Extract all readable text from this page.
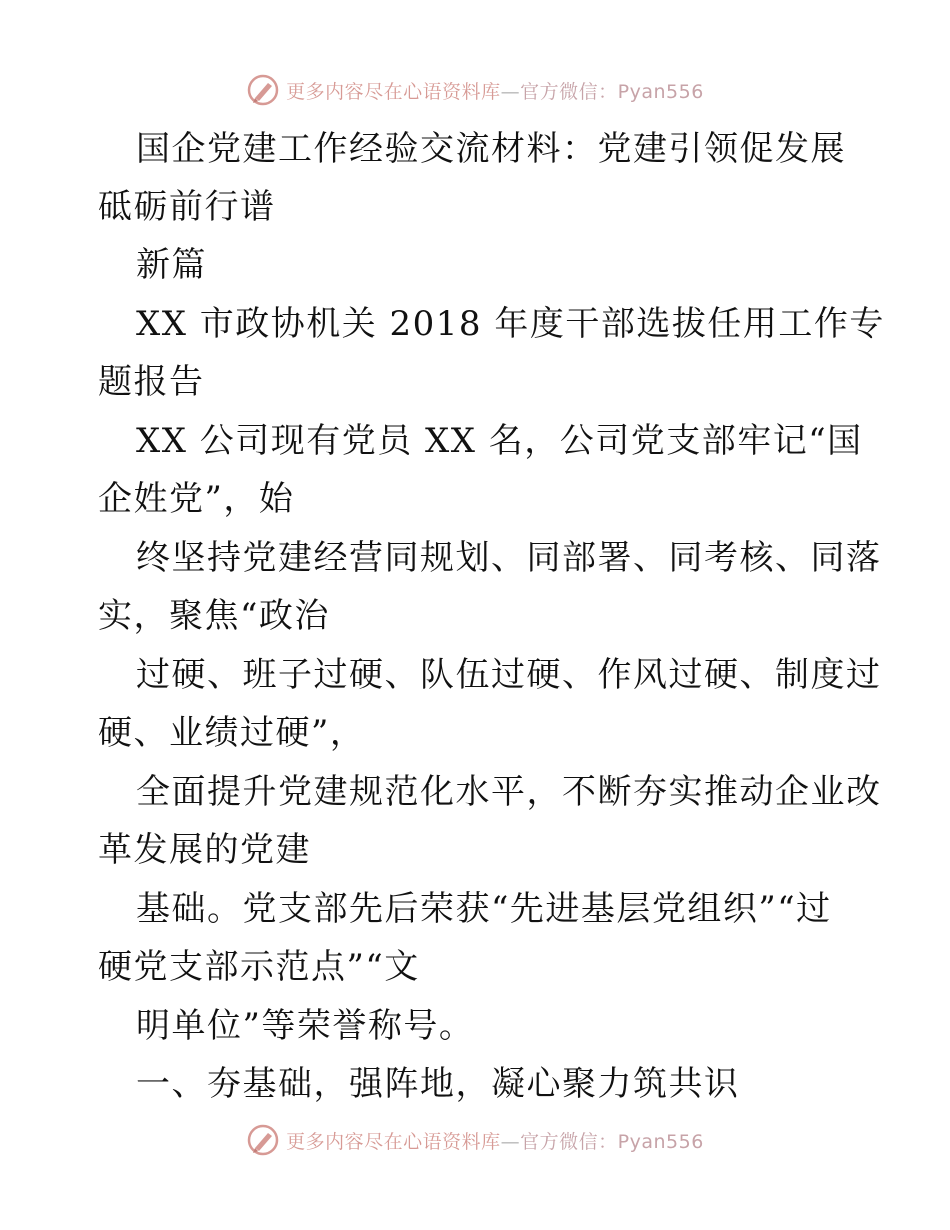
更多内容尽在心语资料库—官方微信：Pyan556
国企党建工作经验交流材料：党建引领促发展
砥砺前行谱
新篇
XX 市政协机关 2018 年度干部选拔任用工作专
题报告
XX 公司现有党员 XX 名，公司党支部牢记“国
企姓党”，始
终坚持党建经营同规划、同部署、同考核、同落
实，聚焦“政治
过硬、班子过硬、队伍过硬、作风过硬、制度过
硬、业绩过硬”，
全面提升党建规范化水平，不断夯实推动企业改
革发展的党建
基础。党支部先后荣获“先进基层党组织”“过
硬党支部示范点”“文
明单位”等荣誉称号。
一、夯基础，强阵地，凝心聚力筑共识
更多内容尽在心语资料库—官方微信：Pyan556
